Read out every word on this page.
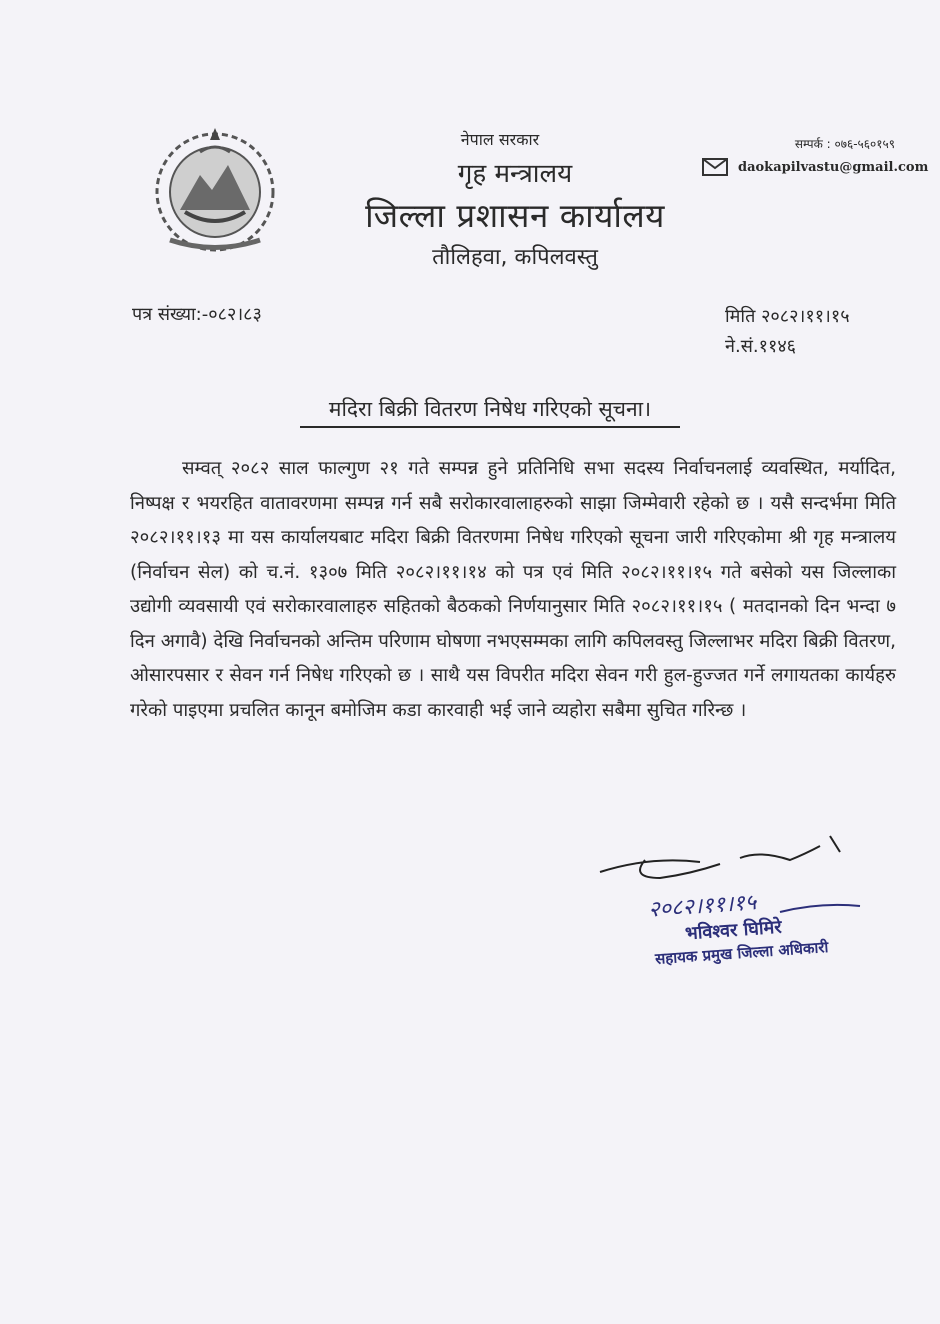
नेपाल सरकार
गृह मन्त्रालय
जिल्ला प्रशासन कार्यालय
तौलिहवा, कपिलवस्तु
सम्पर्क : ०७६-५६०१५९
daokapilvastu@gmail.com
पत्र संख्या:-०८२।८३	मिति २०८२।११।१५
ने.सं.११४६
मदिरा बिक्री वितरण निषेध गरिएको सूचना।

सम्वत् २०८२ साल फाल्गुण २१ गते सम्पन्न हुने प्रतिनिधि सभा सदस्य निर्वाचनलाई व्यवस्थित, मर्यादित, निष्पक्ष र भयरहित वातावरणमा सम्पन्न गर्न सबै सरोकारवालाहरुको साझा जिम्मेवारी रहेको छ । यसै सन्दर्भमा मिति २०८२।११।१३ मा यस कार्यालयबाट मदिरा बिक्री वितरणमा निषेध गरिएको सूचना जारी गरिएकोमा श्री गृह मन्त्रालय (निर्वाचन सेल) को च.नं. १३०७ मिति २०८२।११।१४ को पत्र एवं मिति २०८२।११।१५ गते बसेको यस जिल्लाका उद्योगी व्यवसायी एवं सरोकारवालाहरु सहितको बैठकको निर्णयानुसार मिति २०८२।११।१५ ( मतदानको दिन भन्दा ७ दिन अगावै) देखि निर्वाचनको अन्तिम परिणाम घोषणा नभएसम्मका लागि कपिलवस्तु जिल्लाभर मदिरा बिक्री वितरण, ओसारपसार र सेवन गर्न निषेध गरिएको छ । साथै यस विपरीत मदिरा सेवन गरी हुल-हुज्जत गर्ने लगायतका कार्यहरु गरेको पाइएमा प्रचलित कानून बमोजिम कडा कारवाही भई जाने व्यहोरा सबैमा सुचित गरिन्छ ।

२०८२।११।१५
भविश्वर घिमिरे
सहायक प्रमुख जिल्ला अधिकारी
